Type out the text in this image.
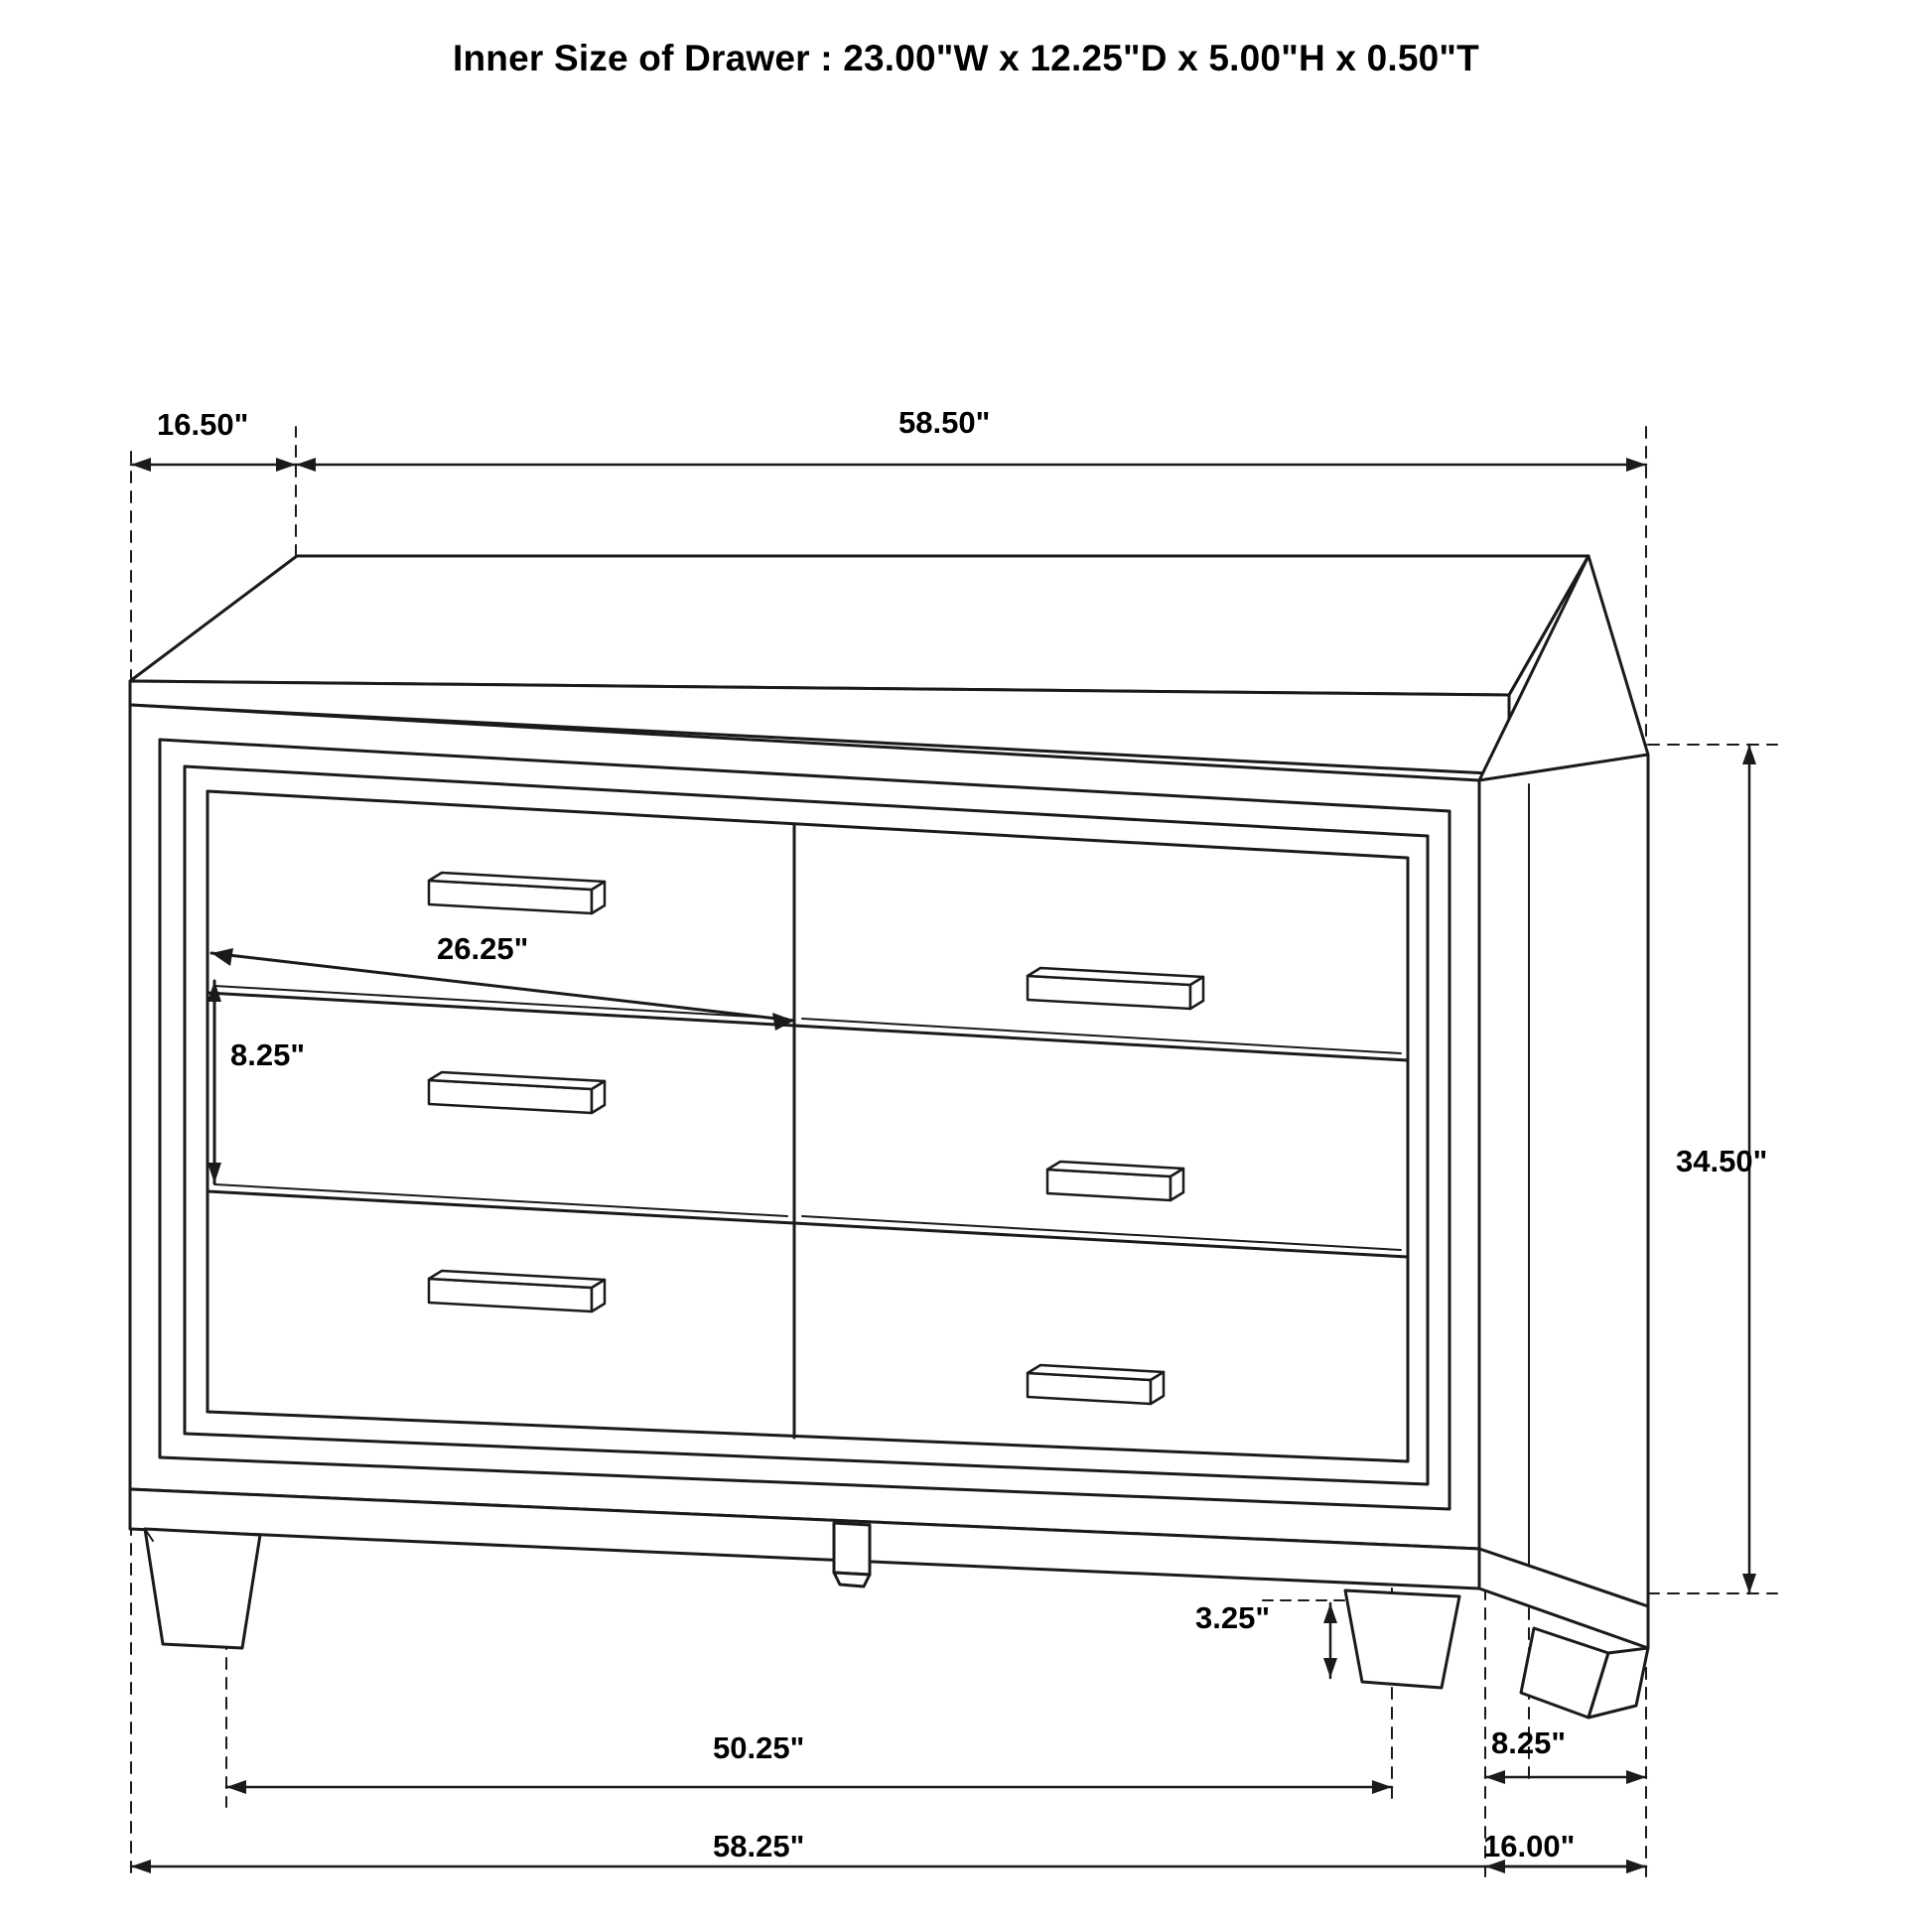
Inner Size of Drawer : 23.00"W x 12.25"D x 5.00"H x 0.50"T
16.50"	58.50"
34.50"
26.25"
8.25"
3.25"
50.25"
58.25"
8.25"
16.00"
